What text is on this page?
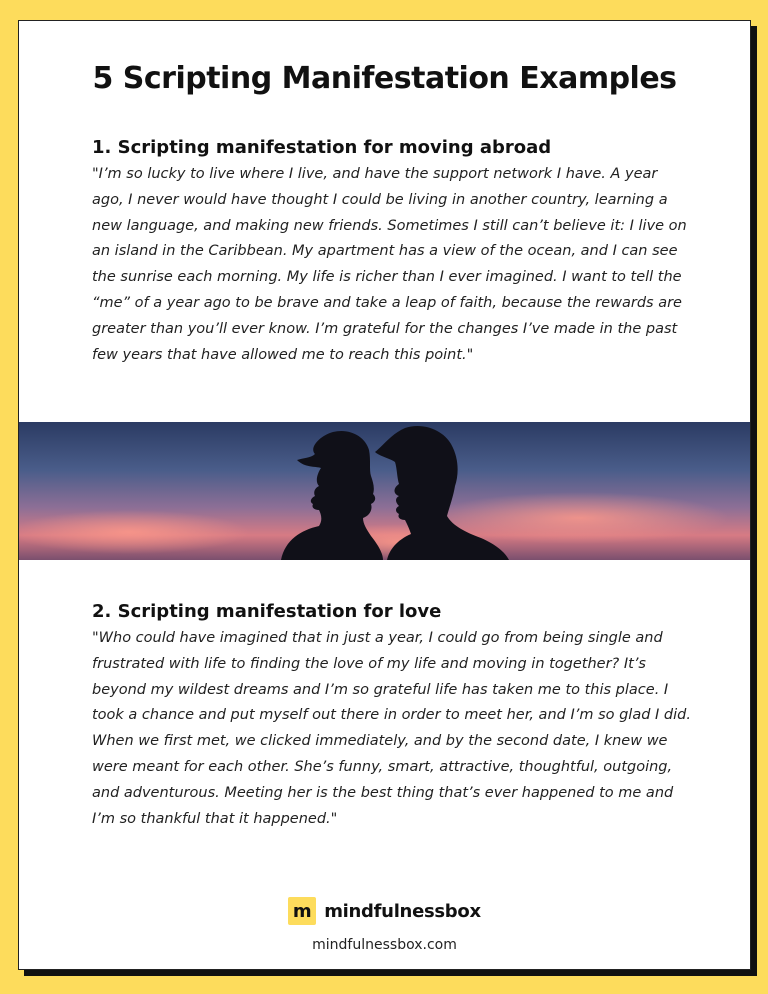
5 Scripting Manifestation Examples
1. Scripting manifestation for moving abroad

"I’m so lucky to live where I live, and have the support network I have. A year ago, I never would have thought I could be living in another country, learning a new language, and making new friends. Sometimes I still can’t believe it: I live on an island in the Caribbean. My apartment has a view of the ocean, and I can see the sunrise each morning. My life is richer than I ever imagined. I want to tell the “me” of a year ago to be brave and take a leap of faith, because the rewards are greater than you’ll ever know. I’m grateful for the changes I’ve made in the past few years that have allowed me to reach this point."

2. Scripting manifestation for love

"Who could have imagined that in just a year, I could go from being single and frustrated with life to finding the love of my life and moving in together? It’s beyond my wildest dreams and I’m so grateful life has taken me to this place. I took a chance and put myself out there in order to meet her, and I’m so glad I did. When we first met, we clicked immediately, and by the second date, I knew we were meant for each other. She’s funny, smart, attractive, thoughtful, outgoing, and adventurous. Meeting her is the best thing that’s ever happened to me and I’m so thankful that it happened."

m mindfulnessbox
mindfulnessbox.com
